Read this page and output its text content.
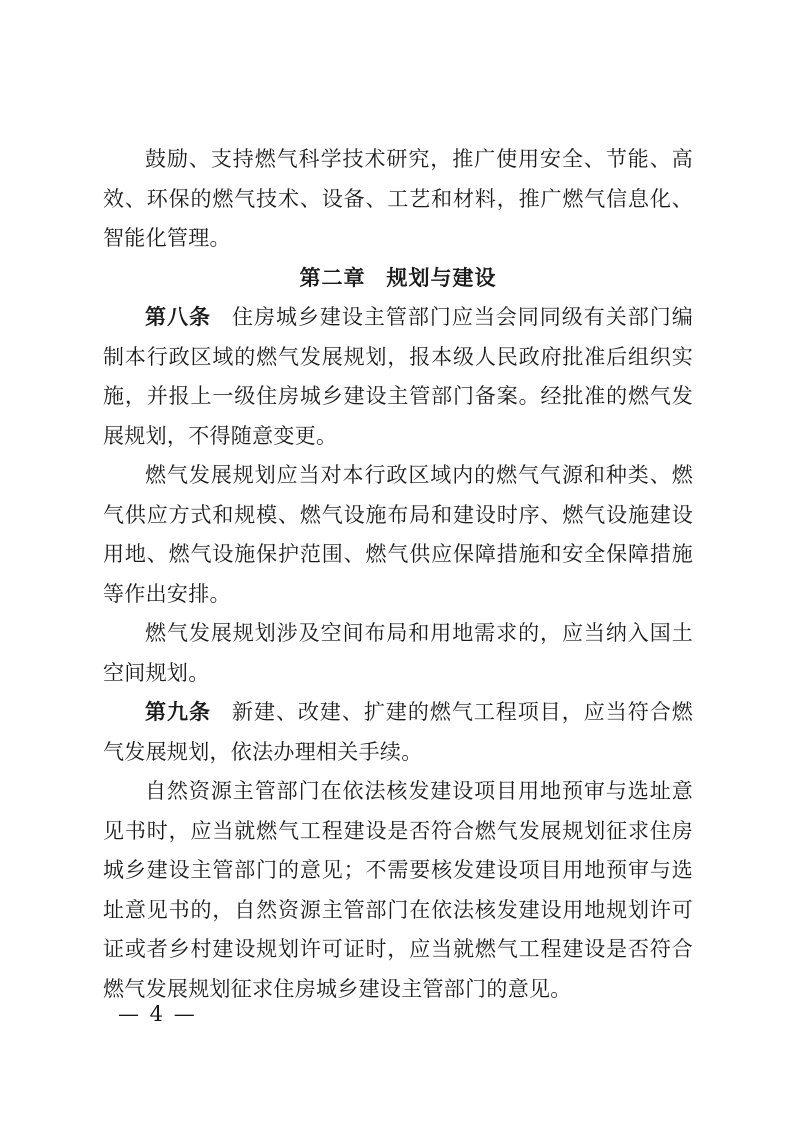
鼓励、支持燃气科学技术研究，推广使用安全、节能、高效、环保的燃气技术、设备、工艺和材料，推广燃气信息化、智能化管理。

第二章 规划与建设

第八条 住房城乡建设主管部门应当会同同级有关部门编制本行政区域的燃气发展规划，报本级人民政府批准后组织实施，并报上一级住房城乡建设主管部门备案。经批准的燃气发展规划，不得随意变更。

燃气发展规划应当对本行政区域内的燃气气源和种类、燃气供应方式和规模、燃气设施布局和建设时序、燃气设施建设用地、燃气设施保护范围、燃气供应保障措施和安全保障措施等作出安排。

燃气发展规划涉及空间布局和用地需求的，应当纳入国土空间规划。

第九条 新建、改建、扩建的燃气工程项目，应当符合燃气发展规划，依法办理相关手续。

自然资源主管部门在依法核发建设项目用地预审与选址意见书时，应当就燃气工程建设是否符合燃气发展规划征求住房城乡建设主管部门的意见；不需要核发建设项目用地预审与选址意见书的，自然资源主管部门在依法核发建设用地规划许可证或者乡村建设规划许可证时，应当就燃气工程建设是否符合燃气发展规划征求住房城乡建设主管部门的意见。

— 4 —
